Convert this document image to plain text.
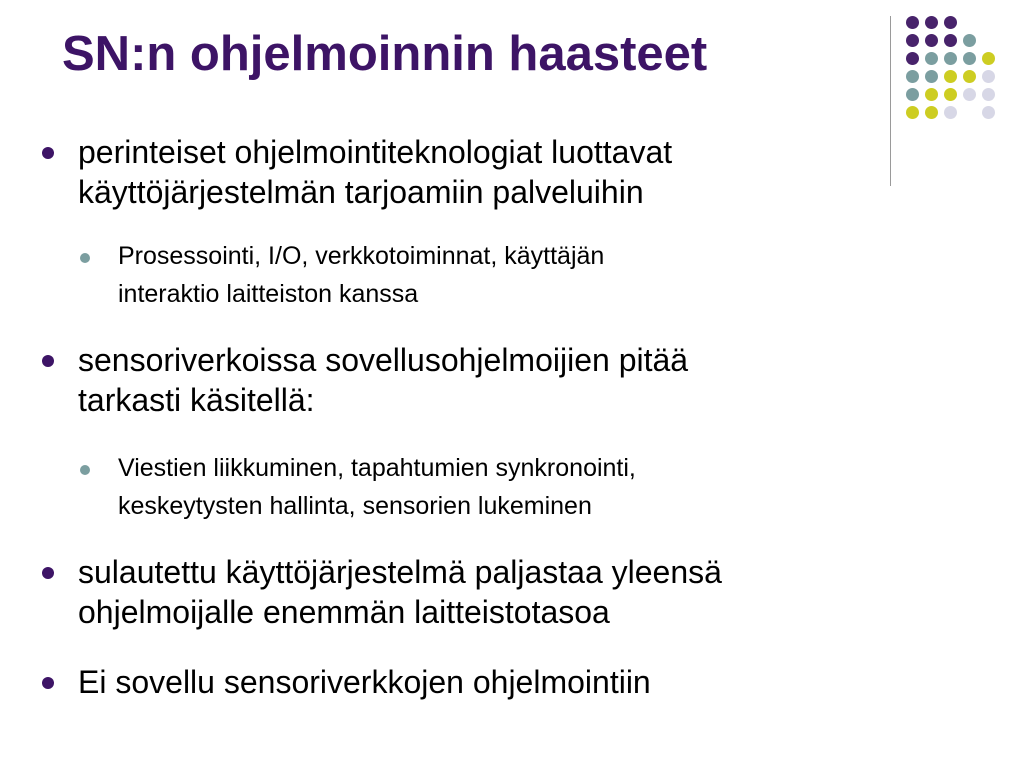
SN:n ohjelmoinnin haasteet
perinteiset ohjelmointiteknologiat luottavat
käyttöjärjestelmän tarjoamiin palveluihin
Prosessointi, I/O, verkkotoiminnat, käyttäjän
interaktio laitteiston kanssa
sensoriverkoissa sovellusohjelmoijien pitää
tarkasti käsitellä:
Viestien liikkuminen, tapahtumien synkronointi,
keskeytysten hallinta, sensorien lukeminen
sulautettu käyttöjärjestelmä paljastaa yleensä
ohjelmoijalle enemmän laitteistotasoa
Ei sovellu sensoriverkkojen ohjelmointiin
